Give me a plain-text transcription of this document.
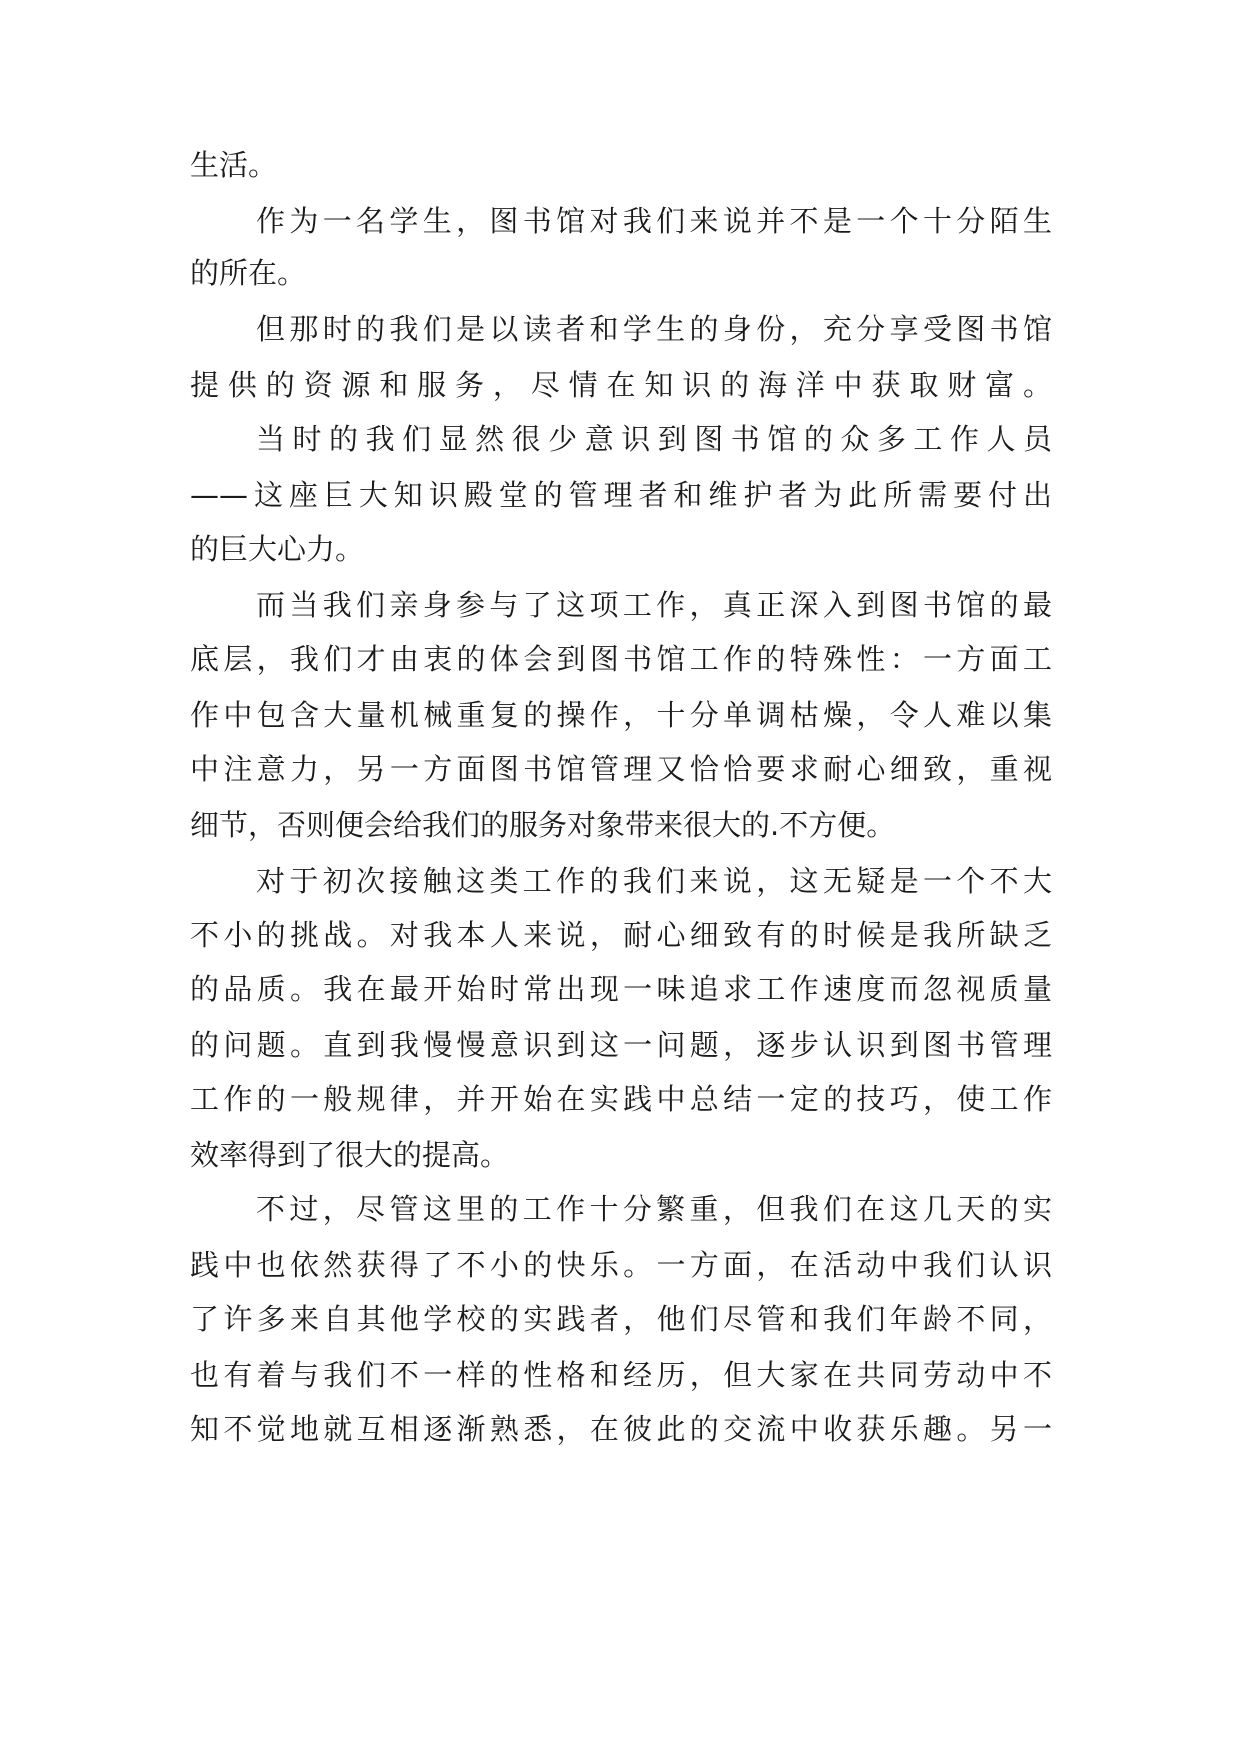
生活。
作为一名学生，图书馆对我们来说并不是一个十分陌生
的所在。
但那时的我们是以读者和学生的身份，充分享受图书馆
提供的资源和服务，尽情在知识的海洋中获取财富。
当时的我们显然很少意识到图书馆的众多工作人员
——这座巨大知识殿堂的管理者和维护者为此所需要付出
的巨大心力。
而当我们亲身参与了这项工作，真正深入到图书馆的最
底层，我们才由衷的体会到图书馆工作的特殊性：一方面工
作中包含大量机械重复的操作，十分单调枯燥，令人难以集
中注意力，另一方面图书馆管理又恰恰要求耐心细致，重视
细节，否则便会给我们的服务对象带来很大的.不方便。
对于初次接触这类工作的我们来说，这无疑是一个不大
不小的挑战。对我本人来说，耐心细致有的时候是我所缺乏
的品质。我在最开始时常出现一味追求工作速度而忽视质量
的问题。直到我慢慢意识到这一问题，逐步认识到图书管理
工作的一般规律，并开始在实践中总结一定的技巧，使工作
效率得到了很大的提高。
不过，尽管这里的工作十分繁重，但我们在这几天的实
践中也依然获得了不小的快乐。一方面，在活动中我们认识
了许多来自其他学校的实践者，他们尽管和我们年龄不同，
也有着与我们不一样的性格和经历，但大家在共同劳动中不
知不觉地就互相逐渐熟悉，在彼此的交流中收获乐趣。另一
